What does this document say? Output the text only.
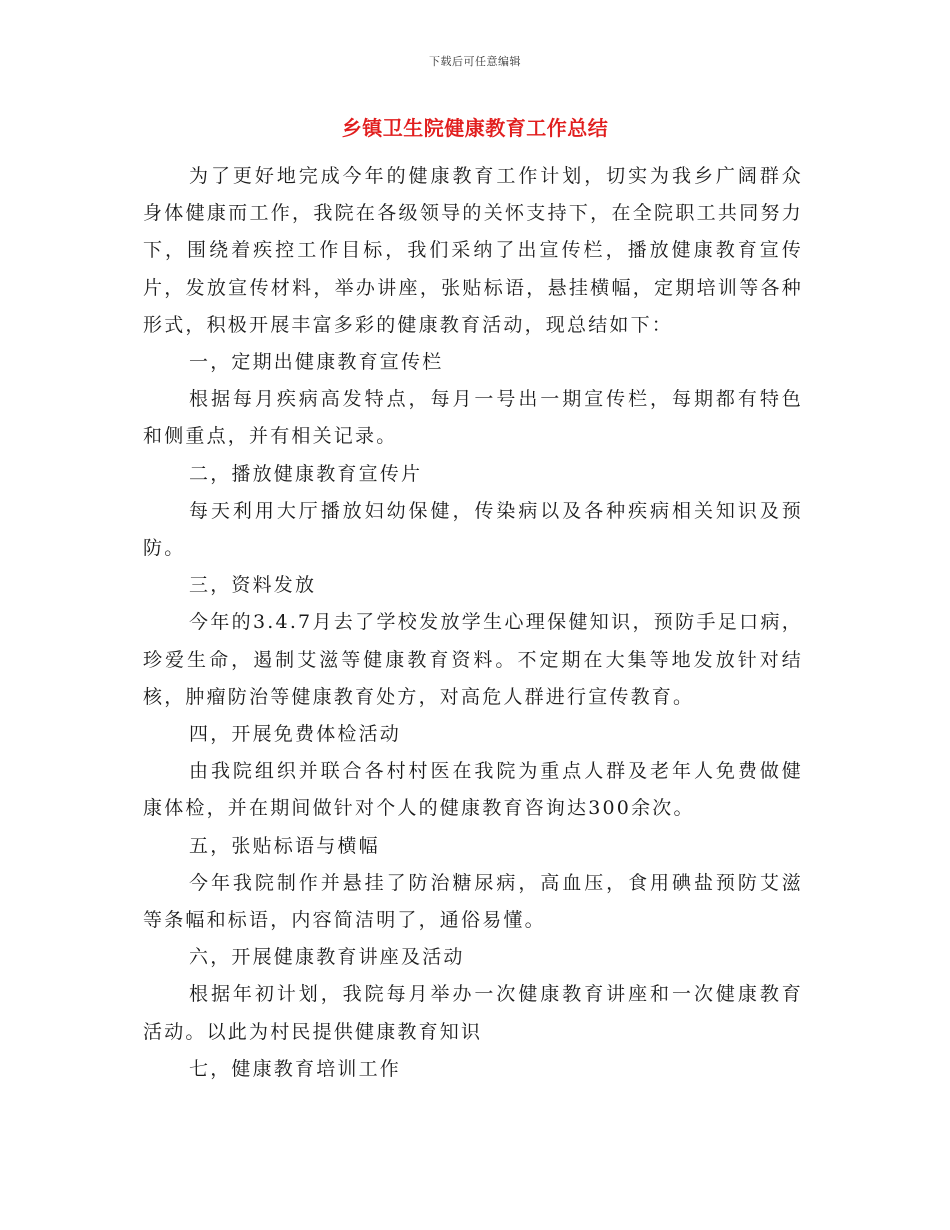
下载后可任意编辑
乡镇卫生院健康教育工作总结

为了更好地完成今年的健康教育工作计划，切实为我乡广阔群众身体健康而工作，我院在各级领导的关怀支持下，在全院职工共同努力下，围绕着疾控工作目标，我们采纳了出宣传栏，播放健康教育宣传片，发放宣传材料，举办讲座，张贴标语，悬挂横幅，定期培训等各种形式，积极开展丰富多彩的健康教育活动，现总结如下：

一，定期出健康教育宣传栏

根据每月疾病高发特点，每月一号出一期宣传栏，每期都有特色和侧重点，并有相关记录。

二，播放健康教育宣传片

每天利用大厅播放妇幼保健，传染病以及各种疾病相关知识及预防。

三，资料发放

今年的3.4.7月去了学校发放学生心理保健知识，预防手足口病，珍爱生命，遏制艾滋等健康教育资料。不定期在大集等地发放针对结核，肿瘤防治等健康教育处方，对高危人群进行宣传教育。

四，开展免费体检活动

由我院组织并联合各村村医在我院为重点人群及老年人免费做健康体检，并在期间做针对个人的健康教育咨询达300余次。

五，张贴标语与横幅

今年我院制作并悬挂了防治糖尿病，高血压，食用碘盐预防艾滋等条幅和标语，内容简洁明了，通俗易懂。

六，开展健康教育讲座及活动

根据年初计划，我院每月举办一次健康教育讲座和一次健康教育活动。以此为村民提供健康教育知识

七，健康教育培训工作
